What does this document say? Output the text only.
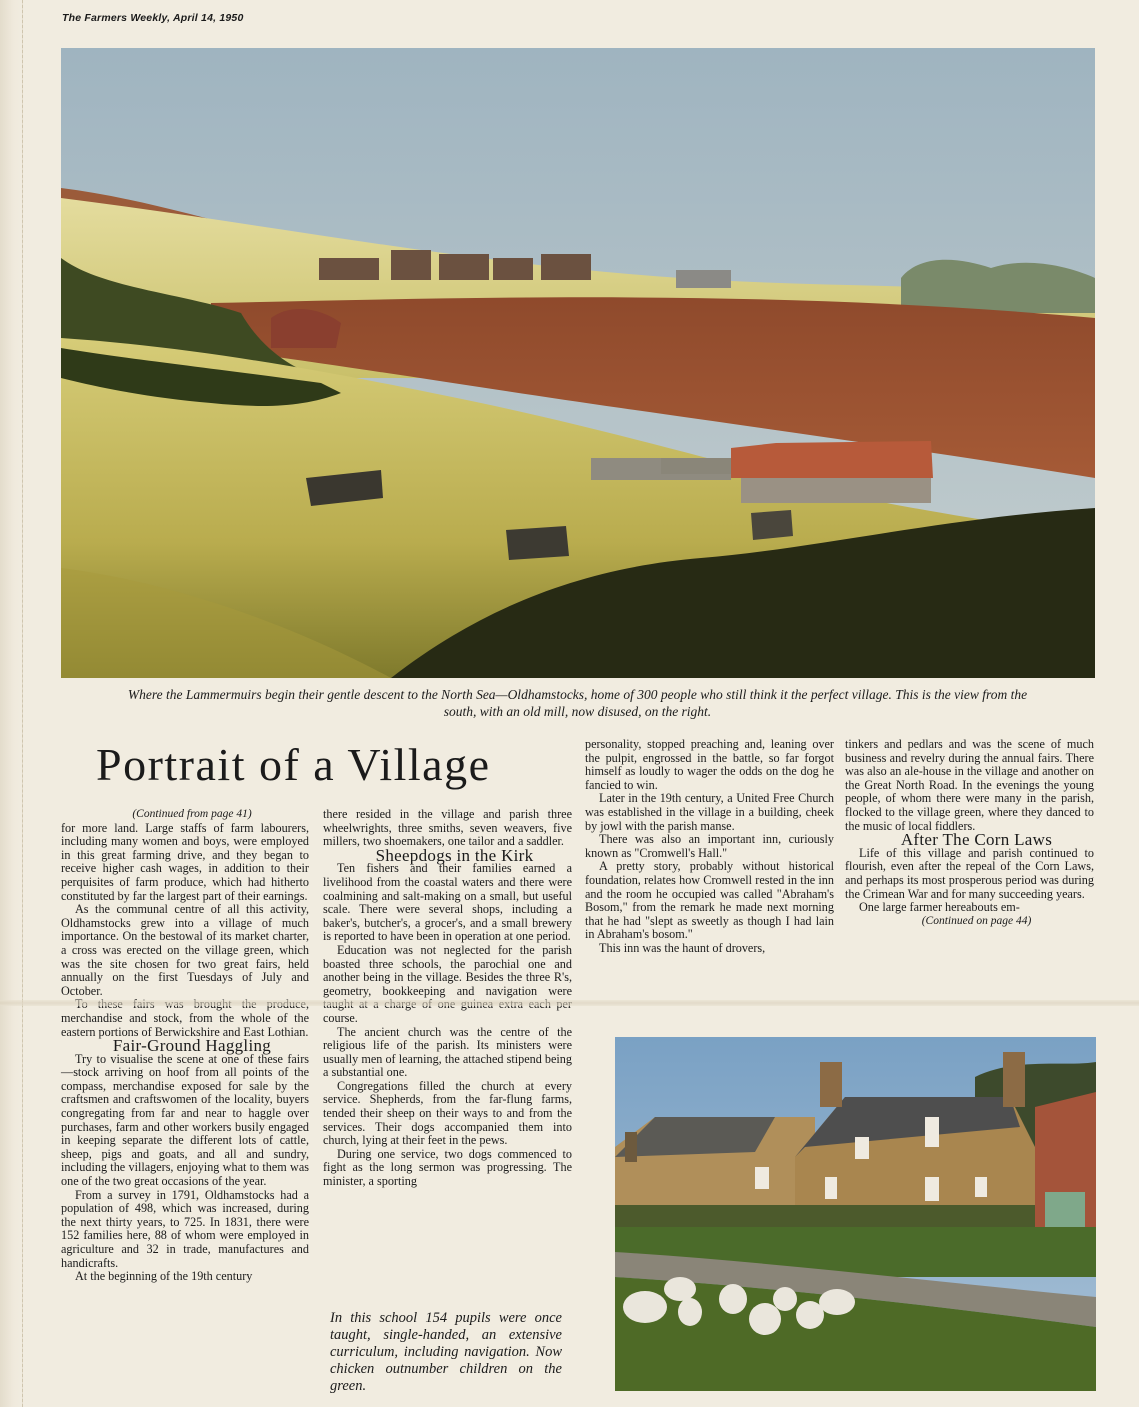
The Farmers Weekly, April 14, 1950
Where the Lammermuirs begin their gentle descent to the North Sea—Oldhamstocks, home of 300 people who still think it the perfect village. This is the view from the south, with an old mill, now disused, on the right.
Portrait of a Village

(Continued from page 41)

for more land. Large staffs of farm labourers, including many women and boys, were employed in this great farming drive, and they began to receive higher cash wages, in addition to their perquisites of farm produce, which had hitherto constituted by far the largest part of their earnings.

As the communal centre of all this activity, Oldhamstocks grew into a village of much importance. On the bestowal of its market charter, a cross was erected on the village green, which was the site chosen for two great fairs, held annually on the first Tuesdays of July and October.

merchandise and stock, from the whole of the eastern portions of Berwickshire and East Lothian.

Fair-Ground Haggling

Try to visualise the scene at one of these fairs—stock arriving on hoof from all points of the compass, merchandise exposed for sale by the craftsmen and craftswomen of the locality, buyers congregating from far and near to haggle over purchases, farm and other workers busily engaged in keeping separate the different lots of cattle, sheep, pigs and goats, and all and sundry, including the villagers, enjoying what to them was one of the two great occasions of the year.

From a survey in 1791, Oldhamstocks had a population of 498, which was increased, during the next thirty years, to 725. In 1831, there were 152 families here, 88 of whom were employed in agriculture and 32 in trade, manufactures and handicrafts.

At the beginning of the 19th century

there resided in the village and parish three wheelwrights, three smiths, seven weavers, five millers, two shoemakers, one tailor and a saddler.

Sheepdogs in the Kirk

Ten fishers and their families earned a livelihood from the coastal waters and there were coalmining and salt-making on a small, but useful scale. There were several shops, including a baker's, butcher's, a grocer's, and a small brewery is reported to have been in operation at one period.

Education was not neglected for the parish boasted three schools, the parochial one and another being in the village. Besides the three R's, geometry, bookkeeping and navigation were course.

The ancient church was the centre of the religious life of the parish. Its ministers were usually men of learning, the attached stipend being a substantial one.

Congregations filled the church at every service. Shepherds, from the far-flung farms, tended their sheep on their ways to and from the services. Their dogs accompanied them into church, lying at their feet in the pews.

During one service, two dogs commenced to fight as the long sermon was progressing. The minister, a sporting

In this school 154 pupils were once taught, single-handed, an extensive curriculum, including navigation. Now chicken outnumber children on the green.

personality, stopped preaching and, leaning over the pulpit, engrossed in the battle, so far forgot himself as loudly to wager the odds on the dog he fancied to win.

Later in the 19th century, a United Free Church was established in the village in a building, cheek by jowl with the parish manse.

There was also an important inn, curiously known as "Cromwell's Hall."

A pretty story, probably without historical foundation, relates how Cromwell rested in the inn and the room he occupied was called "Abraham's Bosom," from the remark he made next morning that he had "slept as sweetly as though I had lain in Abraham's bosom."

This inn was the haunt of drovers,

tinkers and pedlars and was the scene of much business and revelry during the annual fairs. There was also an ale-house in the village and another on the Great North Road. In the evenings the young people, of whom there were many in the parish, flocked to the village green, where they danced to the music of local fiddlers.

After The Corn Laws

Life of this village and parish continued to flourish, even after the repeal of the Corn Laws, and perhaps its most prosperous period was during the Crimean War and for many succeeding years.

One large farmer hereabouts em-

(Continued on page 44)
